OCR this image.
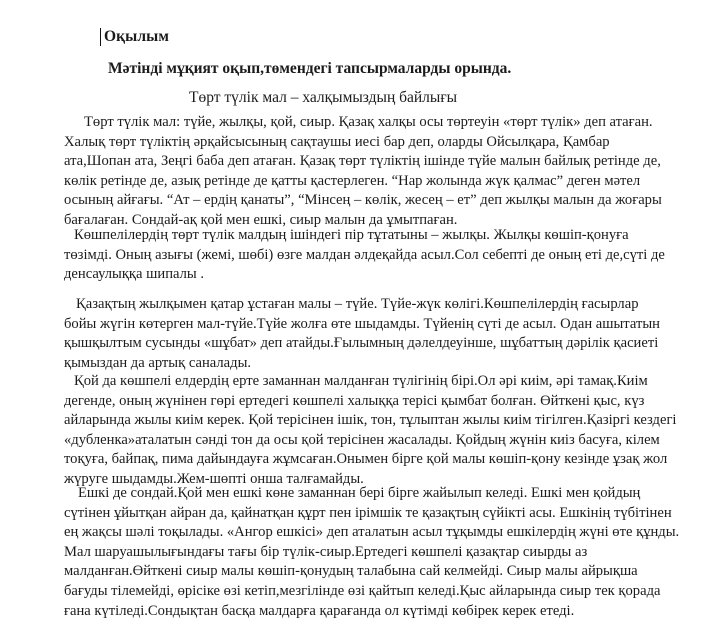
Оқылым
Мәтінді мұқият оқып,төмендегі тапсырмаларды орында.
Төрт түлік мал – халқымыздың байлығы
Төрт түлік мал: түйе, жылқы, қой, сиыр. Қазақ халқы осы төртеуін «төрт түлік» деп атаған.
Халық төрт түліктің әрқайсысының сақтаушы иесі бар деп, оларды Ойсылқара, Қамбар
ата,Шопан ата, Зеңгі баба деп атаған. Қазақ төрт түліктің ішінде түйе малын байлық ретінде де,
көлік ретінде де, азық ретінде де қатты қастерлеген. “Нар жолында жүк қалмас” деген мәтел
осының айғағы. “Ат – ердің қанаты”, “Мінсең – көлік, жесең – ет” деп жылқы малын да жоғары
бағалаған. Сондай-ақ қой мен ешкі, сиыр малын да ұмытпаған.
Көшпелілердің төрт түлік малдың ішіндегі пір тұтатыны – жылқы. Жылқы көшіп-қонуға
төзімді. Оның азығы (жемі, шөбі) өзге малдан әлдеқайда асыл.Сол себепті де оның еті де,сүті де
денсаулыққа шипалы .
Қазақтың жылқымен қатар ұстаған малы – түйе. Түйе-жүк көлігі.Көшпелілердің ғасырлар
бойы жүгін көтерген мал-түйе.Түйе жолға өте шыдамды. Түйенің сүті де асыл. Одан ашытатын
қышқылтым сусынды «шұбат» деп атайды.Ғылымның дәлелдеуінше, шұбаттың дәрілік қасиеті
қымыздан да артық саналады.
Қой да көшпелі елдердің ерте заманнан малданған түлігінің бірі.Ол әрі киім, әрі тамақ.Киім
дегенде, оның жүнінен гөрі ертедегі көшпелі халыққа терісі қымбат болған. Өйткені қыс, күз
айларында жылы киім керек. Қой терісінен ішік, тон, тұлыптан жылы киім тігілген.Қазіргі кездегі
«дубленка»аталатын сәнді тон да осы қой терісінен жасалады. Қойдың жүнін киіз басуға, кілем
тоқуға, байпақ, пима дайындауға жұмсаған.Онымен бірге қой малы көшіп-қону кезінде ұзақ жол
жүруге шыдамды.Жем-шөпті онша талғамайды.
Ешкі де сондай.Қой мен ешкі көне заманнан бері бірге жайылып келеді. Ешкі мен қойдың
сүтінен ұйытқан айран да, қайнатқан құрт пен ірімшік те қазақтың сүйікті асы. Ешкінің түбітінен
ең жақсы шәлі тоқылады. «Ангор ешкісі» деп аталатын асыл тұқымды ешкілердің жүні өте құнды.
Мал шаруашылығындағы тағы бір түлік-сиыр.Ертедегі көшпелі қазақтар сиырды аз
малданған.Өйткені сиыр малы көшіп-қонудың талабына сай келмейді. Сиыр малы айрықша
бағуды тілемейді, өрісіке өзі кетіп,мезгілінде өзі қайтып келеді.Қыс айларында сиыр тек қорада
ғана күтіледі.Сондықтан басқа малдарға қарағанда ол күтімді көбірек керек етеді.
